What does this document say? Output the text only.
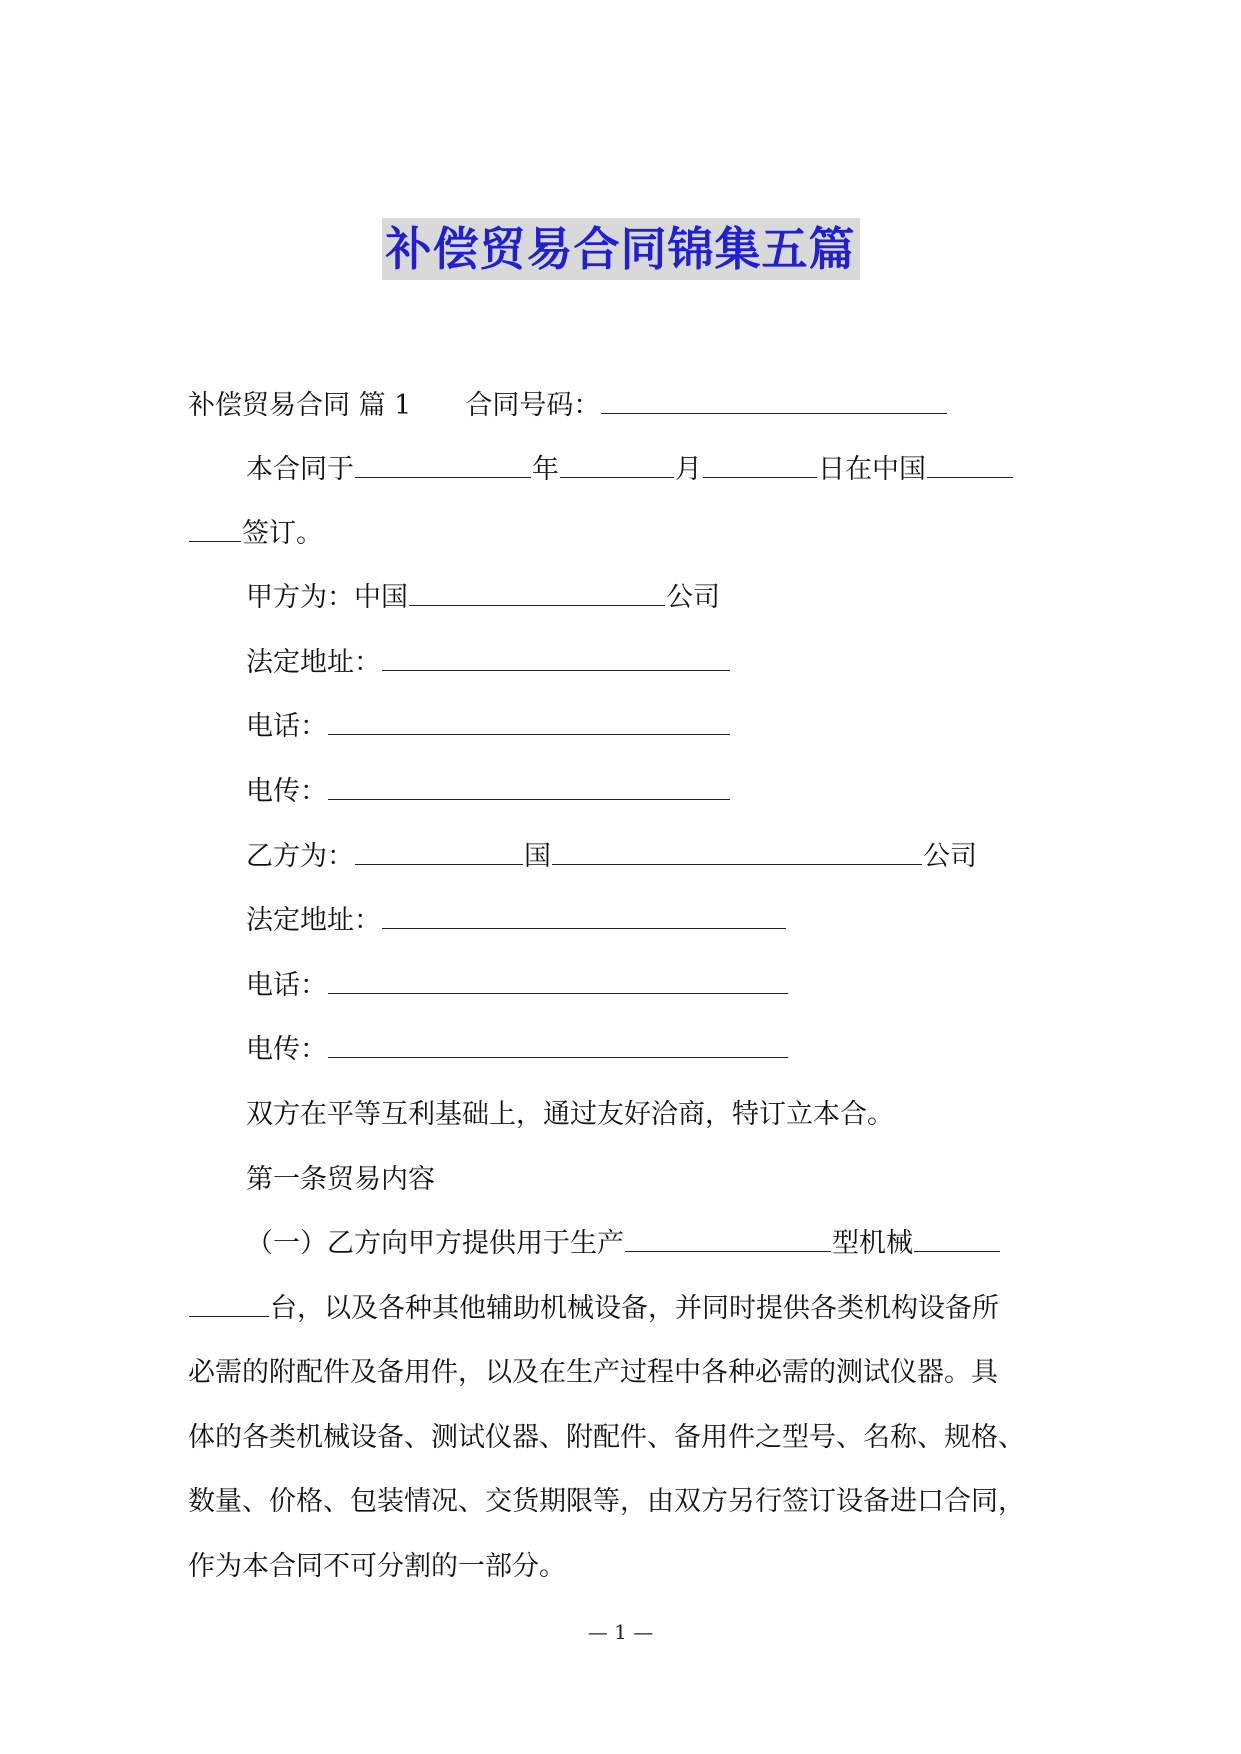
补偿贸易合同锦集五篇
补偿贸易合同 篇 1 合同号码：
本合同于	年	月	日在中国
签订。
甲方为：中国	公司
法定地址：
电话：
电传：
乙方为：	国	公司
法定地址：
电话：
电传：
双方在平等互利基础上，通过友好洽商，特订立本合。
第一条贸易内容
（一）乙方向甲方提供用于生产	型机械
台，以及各种其他辅助机械设备，并同时提供各类机构设备所
必需的附配件及备用件，以及在生产过程中各种必需的测试仪器。具
体的各类机械设备、测试仪器、附配件、备用件之型号、名称、规格、
数量、价格、包装情况、交货期限等，由双方另行签订设备进口合同，
作为本合同不可分割的一部分。
— 1 —
